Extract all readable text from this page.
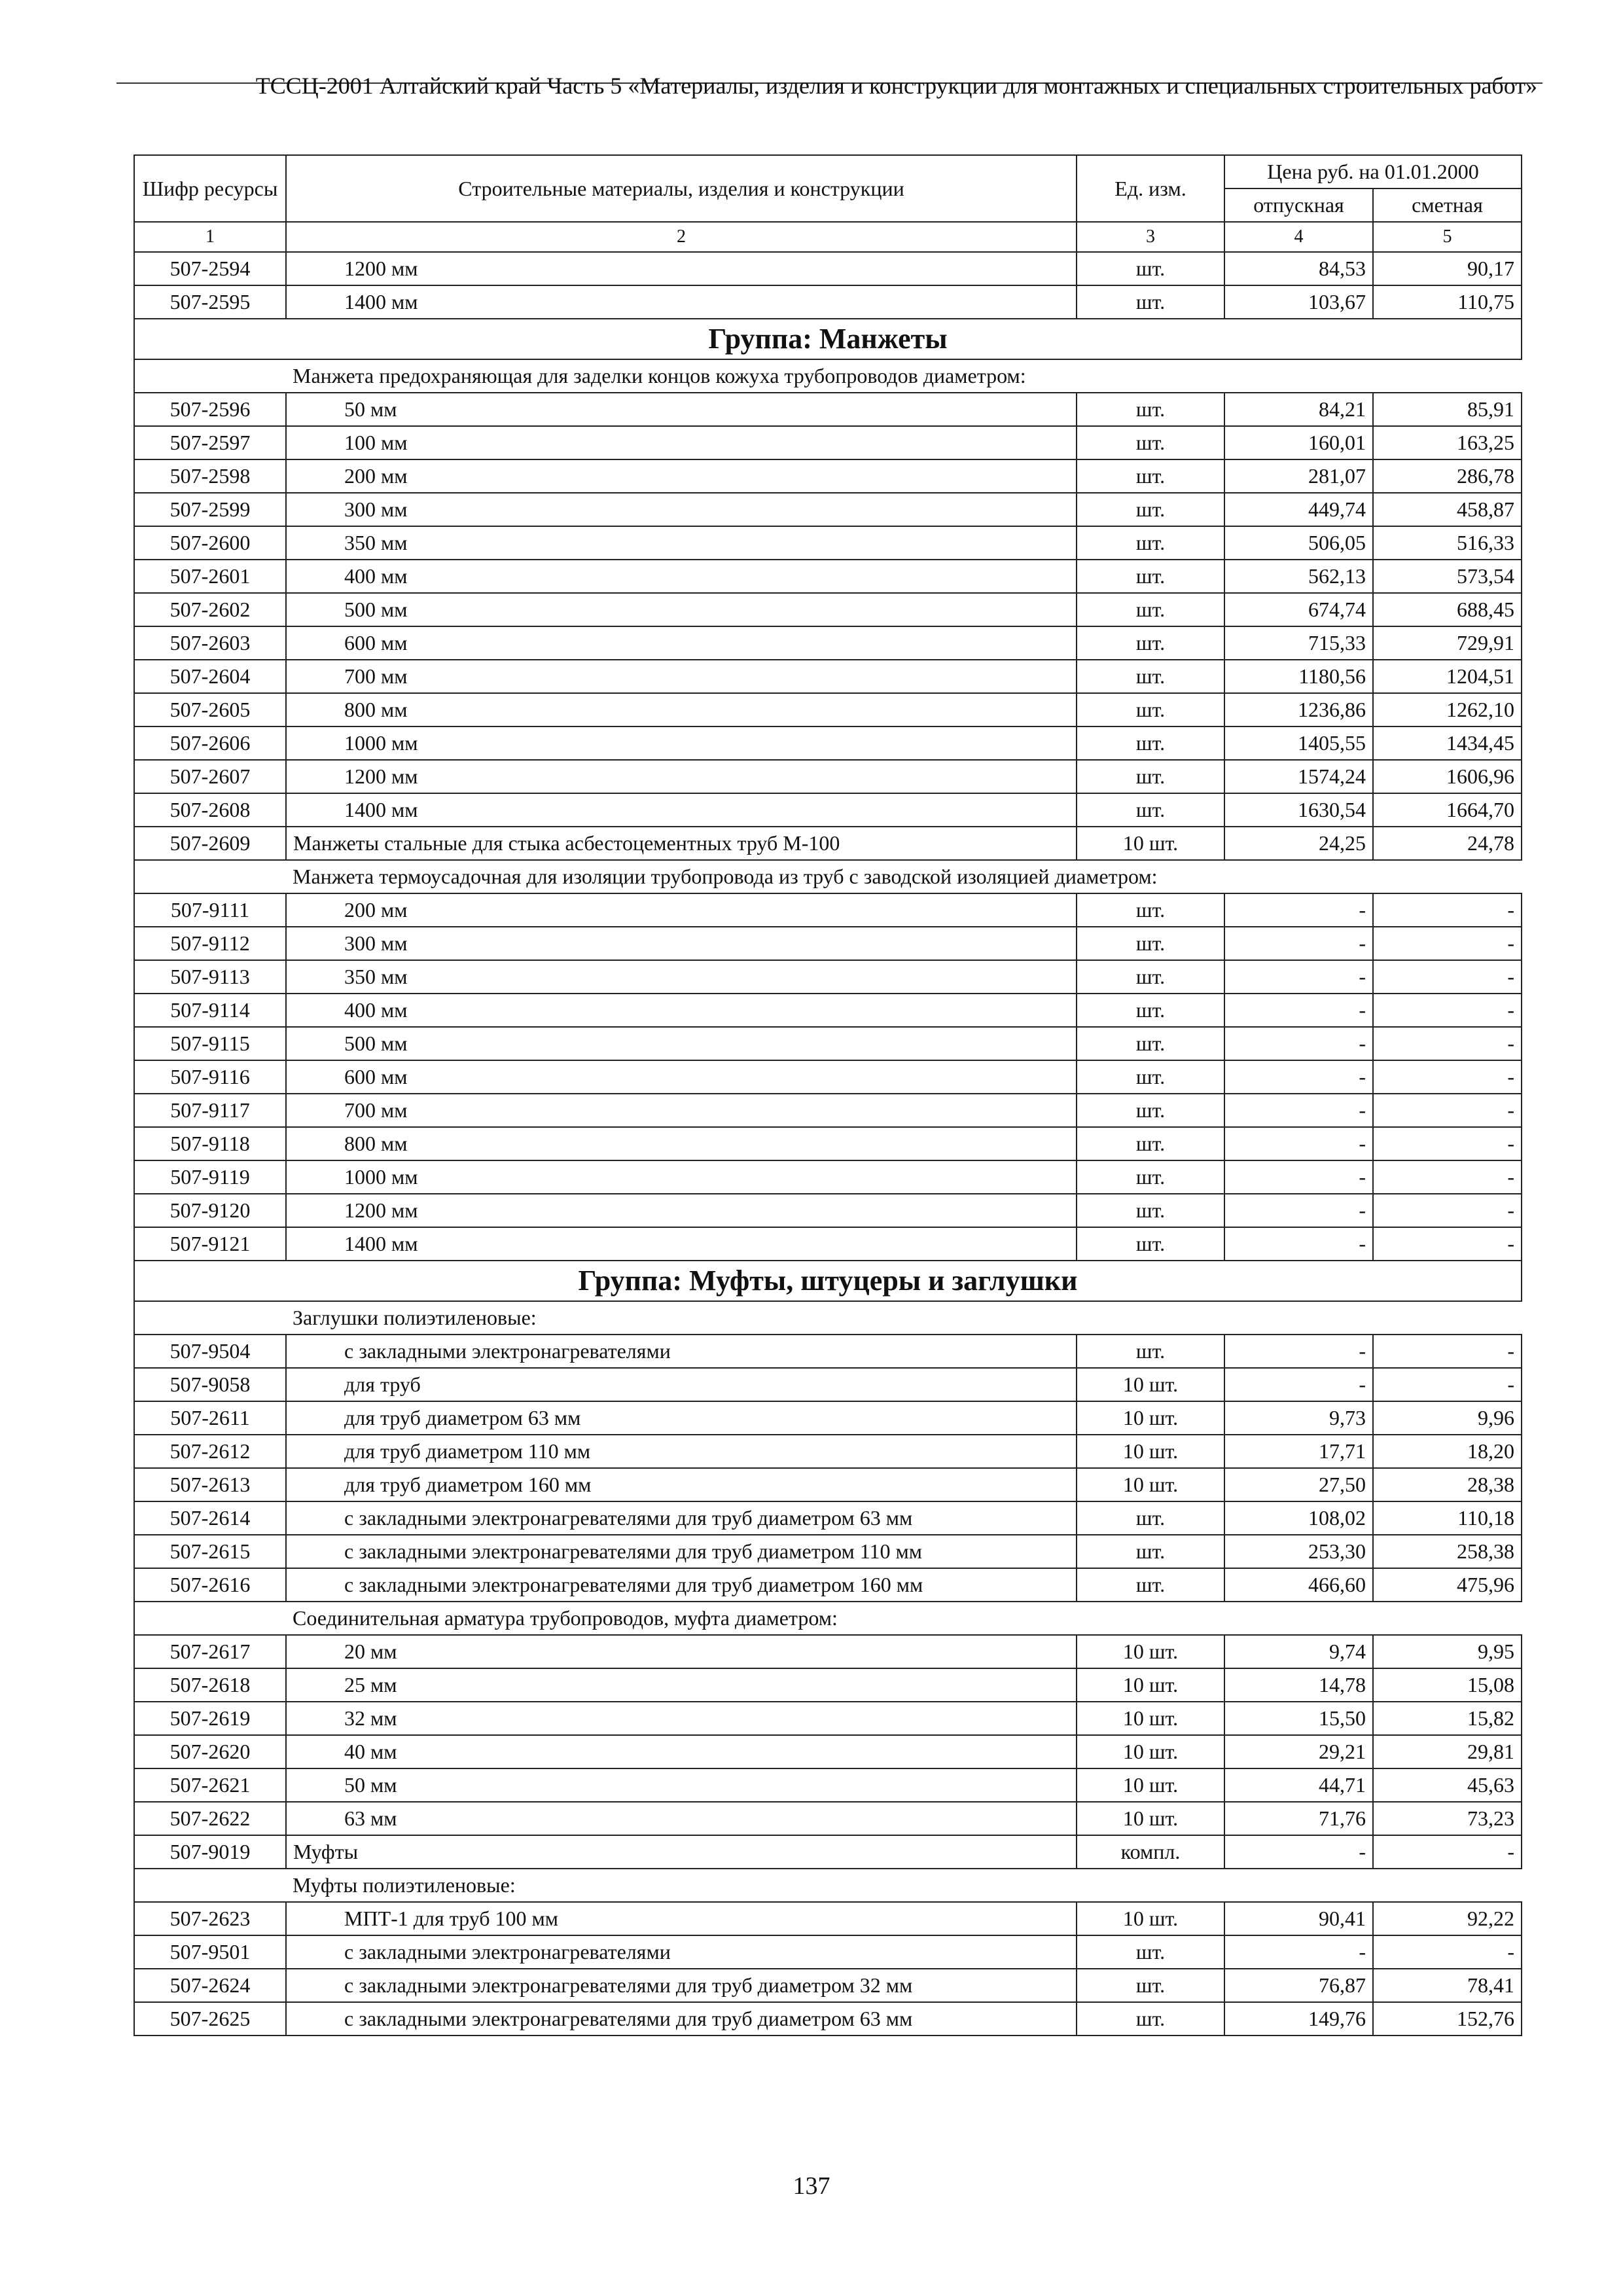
ТССЦ-2001 Алтайский край Часть 5 «Материалы, изделия и конструкции для монтажных и специальных строительных работ»
Шифр ресурсы	Строительные материалы, изделия и конструкции	Ед. изм.	Цена руб. на 01.01.2000	
			отпускная	сметная
1	2	3	4	5
507-2594	1200 мм	шт.	84,53	90,17
507-2595	1400 мм	шт.	103,67	110,75
Группа: Манжеты				
	Манжета предохраняющая для заделки концов кожуха трубопроводов диаметром:			
507-2596	50 мм	шт.	84,21	85,91
507-2597	100 мм	шт.	160,01	163,25
507-2598	200 мм	шт.	281,07	286,78
507-2599	300 мм	шт.	449,74	458,87
507-2600	350 мм	шт.	506,05	516,33
507-2601	400 мм	шт.	562,13	573,54
507-2602	500 мм	шт.	674,74	688,45
507-2603	600 мм	шт.	715,33	729,91
507-2604	700 мм	шт.	1180,56	1204,51
507-2605	800 мм	шт.	1236,86	1262,10
507-2606	1000 мм	шт.	1405,55	1434,45
507-2607	1200 мм	шт.	1574,24	1606,96
507-2608	1400 мм	шт.	1630,54	1664,70
507-2609	Манжеты стальные для стыка асбестоцементных труб М-100	10 шт.	24,25	24,78
	Манжета термоусадочная для изоляции трубопровода из труб с заводской изоляцией диаметром:			
507-9111	200 мм	шт.	-	-
507-9112	300 мм	шт.	-	-
507-9113	350 мм	шт.	-	-
507-9114	400 мм	шт.	-	-
507-9115	500 мм	шт.	-	-
507-9116	600 мм	шт.	-	-
507-9117	700 мм	шт.	-	-
507-9118	800 мм	шт.	-	-
507-9119	1000 мм	шт.	-	-
507-9120	1200 мм	шт.	-	-
507-9121	1400 мм	шт.	-	-
Группа: Муфты, штуцеры и заглушки				
	Заглушки полиэтиленовые:			
507-9504	с закладными электронагревателями	шт.	-	-
507-9058	для труб	10 шт.	-	-
507-2611	для труб диаметром 63 мм	10 шт.	9,73	9,96
507-2612	для труб диаметром 110 мм	10 шт.	17,71	18,20
507-2613	для труб диаметром 160 мм	10 шт.	27,50	28,38
507-2614	с закладными электронагревателями для труб диаметром 63 мм	шт.	108,02	110,18
507-2615	с закладными электронагревателями для труб диаметром 110 мм	шт.	253,30	258,38
507-2616	с закладными электронагревателями для труб диаметром 160 мм	шт.	466,60	475,96
	Соединительная арматура трубопроводов, муфта диаметром:			
507-2617	20 мм	10 шт.	9,74	9,95
507-2618	25 мм	10 шт.	14,78	15,08
507-2619	32 мм	10 шт.	15,50	15,82
507-2620	40 мм	10 шт.	29,21	29,81
507-2621	50 мм	10 шт.	44,71	45,63
507-2622	63 мм	10 шт.	71,76	73,23
507-9019	Муфты	компл.	-	-
	Муфты полиэтиленовые:			
507-2623	МПТ-1 для труб 100 мм	10 шт.	90,41	92,22
507-9501	с закладными электронагревателями	шт.	-	-
507-2624	с закладными электронагревателями для труб диаметром 32 мм	шт.	76,87	78,41
507-2625	с закладными электронагревателями для труб диаметром 63 мм	шт.	149,76	152,76
137
